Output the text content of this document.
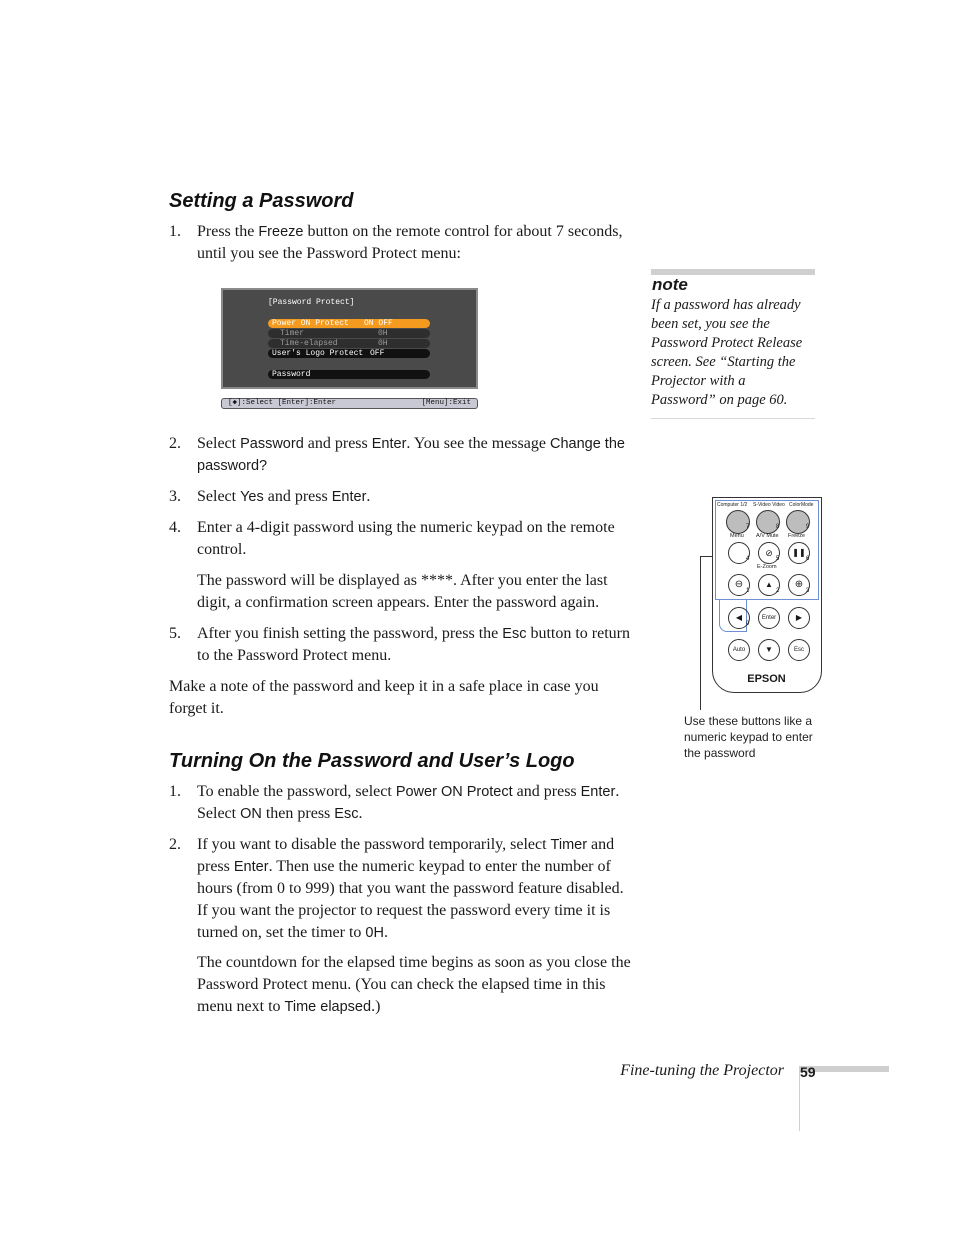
Setting a Password
1. Press the Freeze button on the remote control for about 7 seconds, until you see the Password Protect menu:
[Password Protect]
Power ON Protect ON OFF
Timer	0H
Time-elapsed	0H
User's Logo Protect OFF
Password
[◆]:Select [Enter]:Enter	[Menu]:Exit
2. Select Password and press Enter. You see the message Change the password?
3. Select Yes and press Enter.
4. Enter a 4-digit password using the numeric keypad on the remote control.
The password will be displayed as ****. After you enter the last digit, a confirmation screen appears. Enter the password again.
5. After you finish setting the password, press the Esc button to return to the Password Protect menu.
Make a note of the password and keep it in a safe place in case you forget it.
note
If a password has already been set, you see the Password Protect Release screen. See “Starting the Projector with a Password” on page 60.
Computer 1/2 S-Video Video ColorMode
7	8	9
Menu A/V Mute Freeze
⊘	❚❚
4	5	6
E-Zoom
⊖	▲	⊕
1	2	3
◀
0
Enter	▶
Auto	▼	Esc
EPSON
Use these buttons like a numeric keypad to enter the password
Turning On the Password and User’s Logo
1. To enable the password, select Power ON Protect and press Enter. Select ON then press Esc.
2. If you want to disable the password temporarily, select Timer and press Enter. Then use the numeric keypad to enter the number of hours (from 0 to 999) that you want the password feature disabled. If you want the projector to request the password every time it is turned on, set the timer to 0H.
The countdown for the elapsed time begins as soon as you close the Password Protect menu. (You can check the elapsed time in this menu next to Time elapsed.)
Fine-tuning the Projector 59
